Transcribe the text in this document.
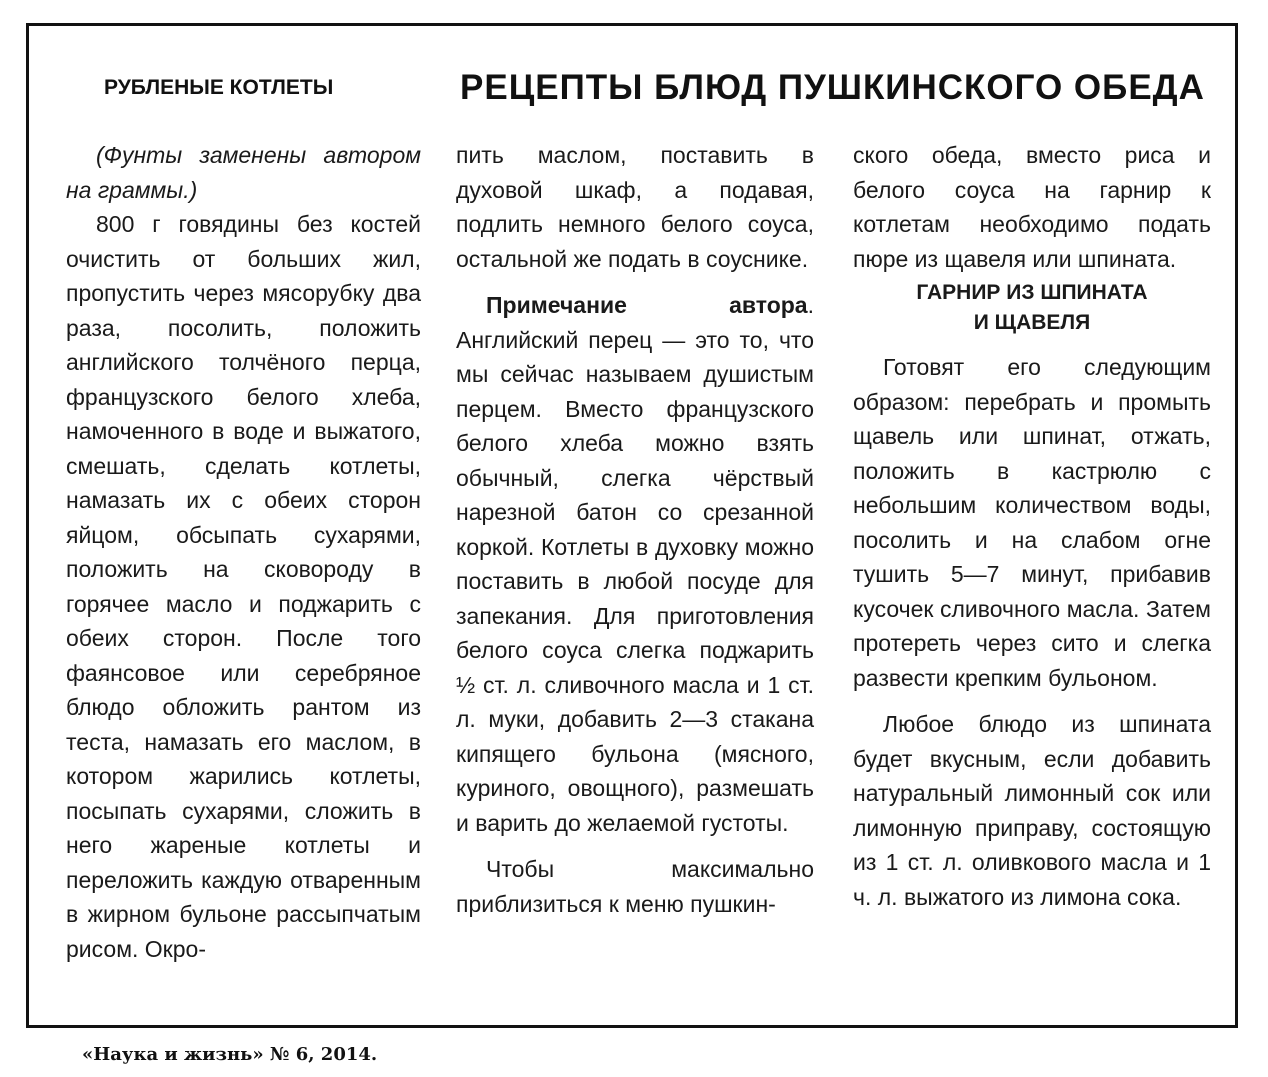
РУБЛЕНЫЕ КОТЛЕТЫ	РЕЦЕПТЫ БЛЮД ПУШКИНСКОГО ОБЕДА

(Фунты заменены автором на граммы.)

800 г говядины без костей очистить от больших жил, пропустить через мясорубку два раза, посолить, положить английского толчёного перца, французского белого хлеба, намоченного в воде и выжатого, смешать, сделать котлеты, намазать их с обеих сторон яйцом, обсыпать сухарями, положить на сковороду в горячее масло и поджарить с обеих сторон. После того фаянсовое или серебряное блюдо обложить рантом из теста, намазать его маслом, в котором жарились котлеты, посыпать сухарями, сложить в него жареные котлеты и переложить каждую отваренным в жирном бульоне рассыпчатым рисом. Окро-

пить маслом, поставить в духовой шкаф, а подавая, подлить немного белого соуса, остальной же подать в соуснике.

Примечание автора. Английский перец — это то, что мы сейчас называем душистым перцем. Вместо французского белого хлеба можно взять обычный, слегка чёрствый нарезной батон со срезанной коркой. Котлеты в духовку можно поставить в любой посуде для запекания. Для приготовления белого соуса слегка поджарить ½ ст. л. сливочного масла и 1 ст. л. муки, добавить 2—3 стакана кипящего бульона (мясного, куриного, овощного), размешать и варить до желаемой густоты.

Чтобы максимально приблизиться к меню пушкин-

ского обеда, вместо риса и белого соуса на гарнир к котлетам необходимо подать пюре из щавеля или шпината.

ГАРНИР ИЗ ШПИНАТА
И ЩАВЕЛЯ

Готовят его следующим образом: перебрать и промыть щавель или шпинат, отжать, положить в кастрюлю с небольшим количеством воды, посолить и на слабом огне тушить 5—7 минут, прибавив кусочек сливочного масла. Затем протереть через сито и слегка развести крепким бульоном.

Любое блюдо из шпината будет вкусным, если добавить натуральный лимонный сок или лимонную приправу, состоящую из 1 ст. л. оливкового масла и 1 ч. л. выжатого из лимона сока.

«Наука и жизнь» № 6, 2014.
